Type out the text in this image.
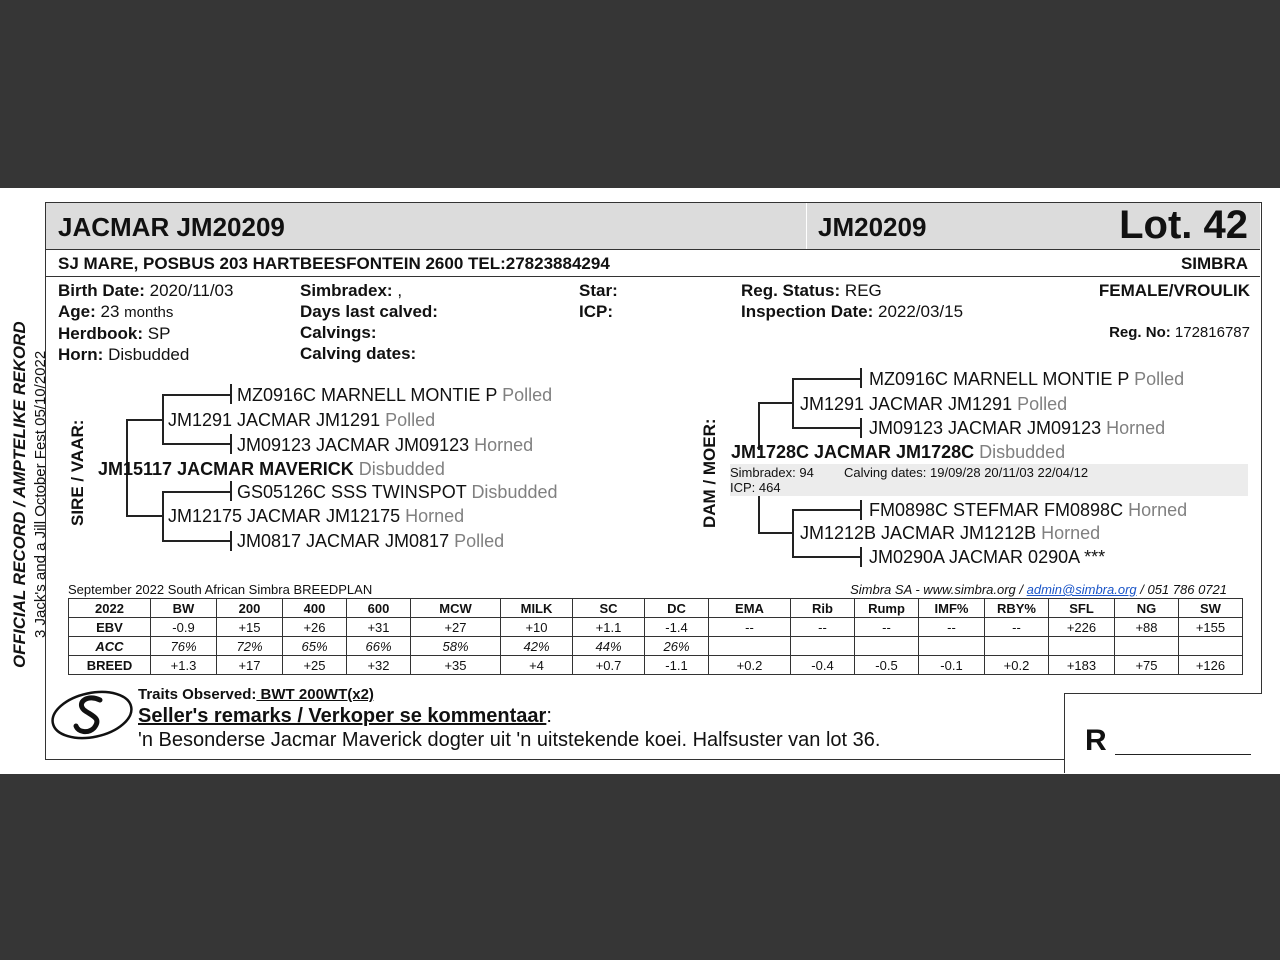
JACMAR JM20209	JM20209	Lot. 42
SJ MARE, POSBUS 203 HARTBEESFONTEIN 2600 TEL:27823884294	SIMBRA
OFFICIAL RECORD / AMPTELIKE REKORD 3 Jack's and a Jill October Fest 05/10/2022
Birth Date: 2020/11/03
Age: 23 months
Herdbook: SP
Horn: Disbudded
Simbradex: ,
Days last calved:
Calvings:
Calving dates:
Star:
ICP:
Reg. Status: REG
Inspection Date: 2022/03/15
FEMALE/VROULIK
Reg. No: 172816787
SIRE / VAAR:
MZ0916C MARNELL MONTIE P Polled
JM1291 JACMAR JM1291 Polled
JM09123 JACMAR JM09123 Horned
JM15117 JACMAR MAVERICK Disbudded
GS05126C SSS TWINSPOT Disbudded
JM12175 JACMAR JM12175 Horned
JM0817 JACMAR JM0817 Polled
DAM / MOER:
MZ0916C MARNELL MONTIE P Polled
JM1291 JACMAR JM1291 Polled
JM09123 JACMAR JM09123 Horned
JM1728C JACMAR JM1728C Disbudded
Simbradex: 94 Calving dates: 19/09/28 20/11/03 22/04/12
ICP: 464
FM0898C STEFMAR FM0898C Horned
JM1212B JACMAR JM1212B Horned
JM0290A JACMAR 0290A ***
September 2022 South African Simbra BREEDPLAN	Simbra SA - www.simbra.org / admin@simbra.org / 051 786 0721
2022	BW	200	400	600	MCW	MILK	SC	DC	EMA	Rib	Rump	IMF%	RBY%	SFL	NG	SW
EBV	-0.9	+15	+26	+31	+27	+10	+1.1	-1.4	--	--	--	--	--	+226	+88	+155
ACC	76%	72%	65%	66%	58%	42%	44%	26%								
BREED	+1.3	+17	+25	+32	+35	+4	+0.7	-1.1	+0.2	-0.4	-0.5	-0.1	+0.2	+183	+75	+126
Traits Observed: BWT 200WT(x2)
Seller's remarks / Verkoper se kommentaar:
'n Besonderse Jacmar Maverick dogter uit 'n uitstekende koei. Halfsuster van lot 36.	R
